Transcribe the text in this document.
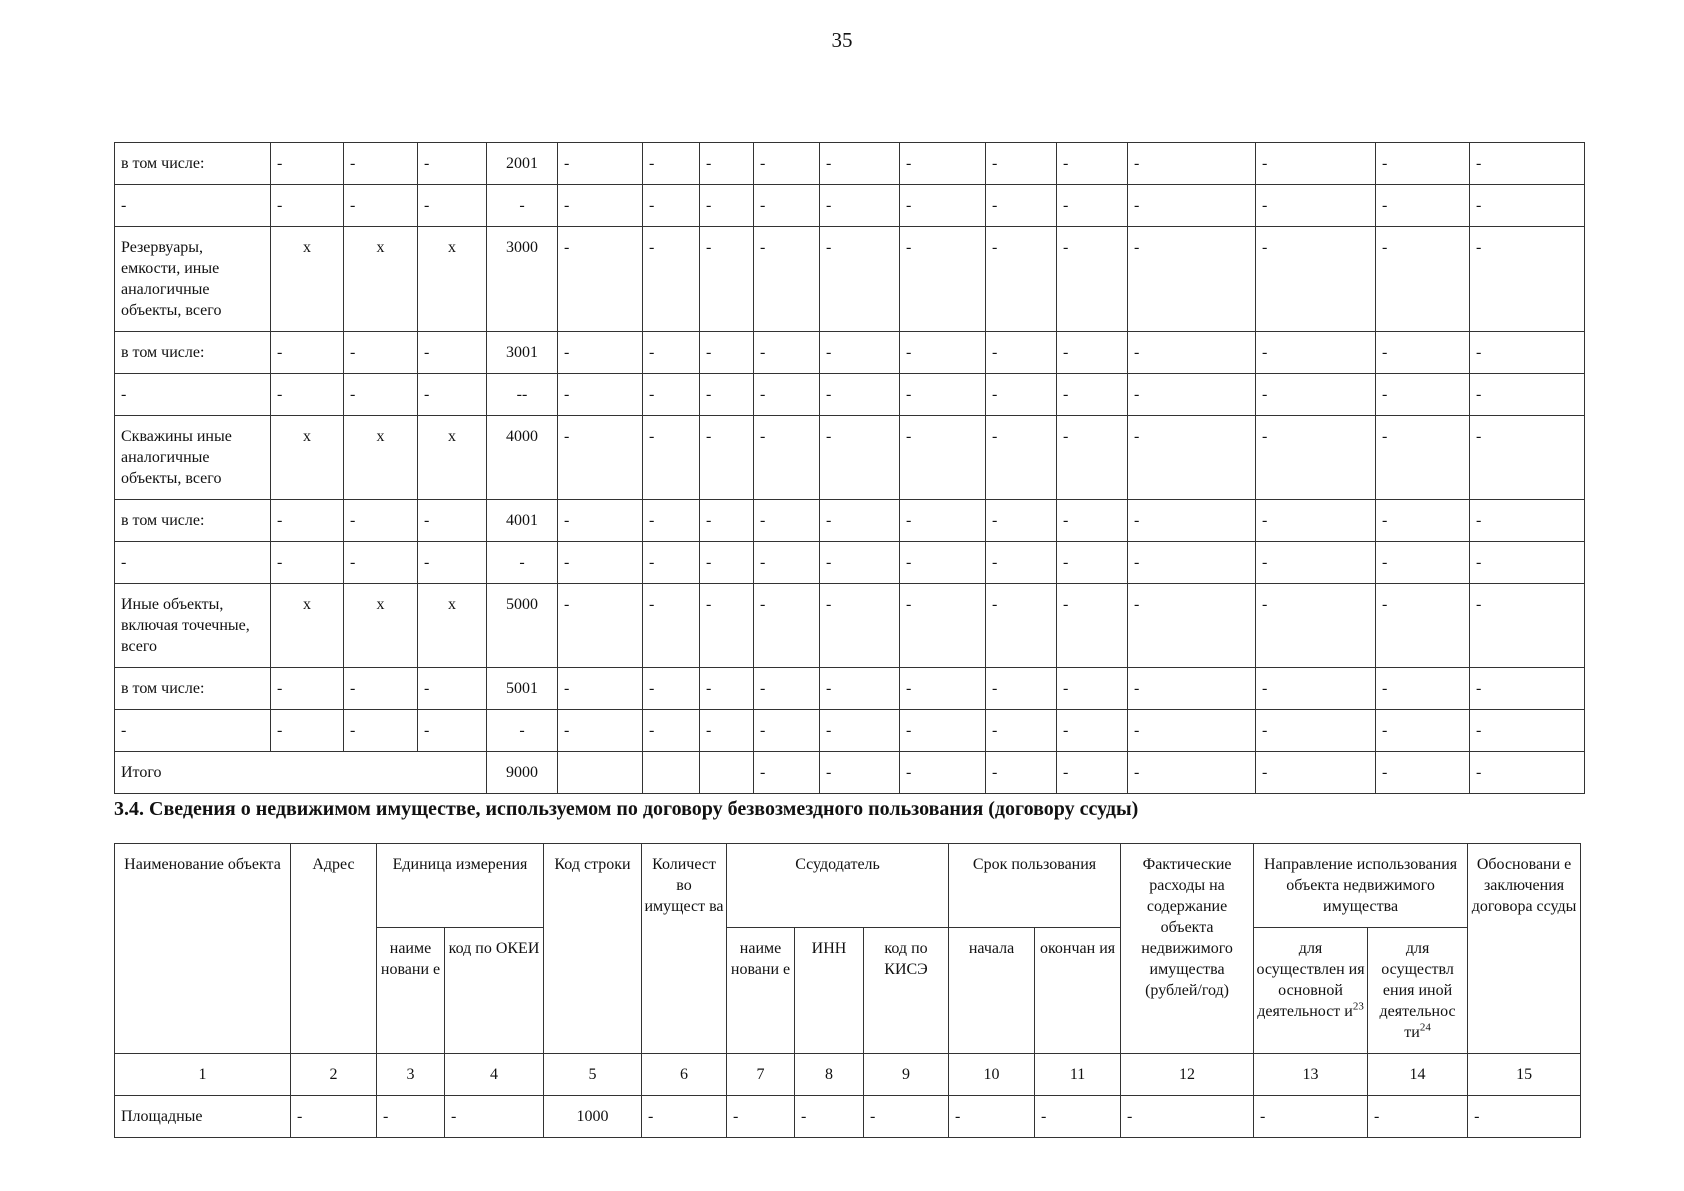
35
в том числе:	-	-	-	2001	-	-	-	-	-	-	-	-	-	-	-	-
-	-	-	-	-	-	-	-	-	-	-	-	-	-	-	-	-
Резервуары, емкости, иные аналогичные объекты, всего	х	х	х	3000	-	-	-	-	-	-	-	-	-	-	-	-
в том числе:	-	-	-	3001	-	-	-	-	-	-	-	-	-	-	-	-
-	-	-	-	--	-	-	-	-	-	-	-	-	-	-	-	-
Скважины иные аналогичные объекты, всего	х	х	х	4000	-	-	-	-	-	-	-	-	-	-	-	-
в том числе:	-	-	-	4001	-	-	-	-	-	-	-	-	-	-	-	-
-	-	-	-	-	-	-	-	-	-	-	-	-	-	-	-	-
Иные объекты, включая точечные, всего	х	х	х	5000	-	-	-	-	-	-	-	-	-	-	-	-
в том числе:	-	-	-	5001	-	-	-	-	-	-	-	-	-	-	-	-
-	-	-	-	-	-	-	-	-	-	-	-	-	-	-	-	-
Итого				9000				-	-	-	-	-	-	-	-	-
3.4. Сведения о недвижимом имуществе, используемом по договору безвозмездного пользования (договору ссуды)
Наименование объекта	Адрес	Единица измерения		Код строки	Количест во имущест ва	Ссудодатель			Срок пользования		Фактические расходы на содержание объекта недвижимого имущества (рублей/год)	Направление использования объекта недвижимого имущества		Обосновани е заключения договора ссуды
		наиме новани е	код по ОКЕИ			наиме новани е	ИНН	код по КИСЭ	начала	окончан ия		для осуществлен ия основной деятельност $и^{23}$	для осуществл ения иной деятельнос $ти^{24}$
1	2	3	4	5	6	7	8	9	10	11	12	13	14	15
Площадные	-	-	-	1000	-	-	-	-	-	-	-	-	-	-
